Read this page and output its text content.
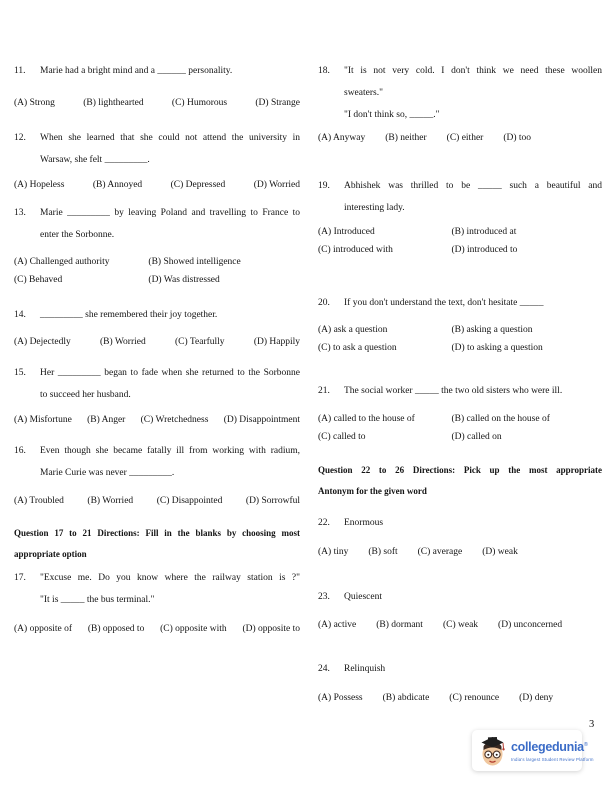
11.	Marie had a bright mind and a ______ personality.
(A) Strong	(B) lighthearted	(C) Humorous	(D) Strange
12.	When she learned that she could not attend the university in
Warsaw, she felt _________.
(A) Hopeless	(B) Annoyed	(C) Depressed	(D) Worried
13.	Marie _________ by leaving Poland and travelling to France to
enter the Sorbonne.
(A) Challenged authority	(B) Showed intelligence
(C) Behaved	(D) Was distressed
14.	_________ she remembered their joy together.
(A) Dejectedly	(B) Worried	(C) Tearfully	(D) Happily
15.	Her _________ began to fade when she returned to the Sorbonne
to succeed her husband.
(A) Misfortune (B) Anger (C) Wretchedness (D) Disappointment
16.	Even though she became fatally ill from working with radium,
Marie Curie was never _________.
(A) Troubled (B) Worried (C) Disappointed (D) Sorrowful
Question 17 to 21 Directions: Fill in the blanks by choosing most
appropriate option
17.	"Excuse me. Do you know where the railway station is ?"
"It is _____ the bus terminal."
(A) opposite of (B) opposed to (C) opposite with (D) opposite to
18.	"It is not very cold. I don't think we need these woollen
sweaters."
"I don't think so, _____."
(A) Anyway (B) neither (C) either (D) too
19.	Abhishek was thrilled to be _____ such a beautiful and
interesting lady.
(A) Introduced	(B) introduced at
(C) introduced with	(D) introduced to
20.	If you don't understand the text, don't hesitate _____
(A) ask a question	(B) asking a question
(C) to ask a question	(D) to asking a question
21.	The social worker _____ the two old sisters who were ill.
(A) called to the house of	(B) called on the house of
(C) called to	(D) called on
Question 22 to 26 Directions: Pick up the most appropriate
Antonym for the given word
22.	Enormous
(A) tiny (B) soft (C) average (D) weak
23.	Quiescent
(A) active (B) dormant (C) weak (D) unconcerned
24.	Relinquish
(A) Possess (B) abdicate (C) renounce (D) deny
collegedunia®
India's largest Student Review Platform
3
